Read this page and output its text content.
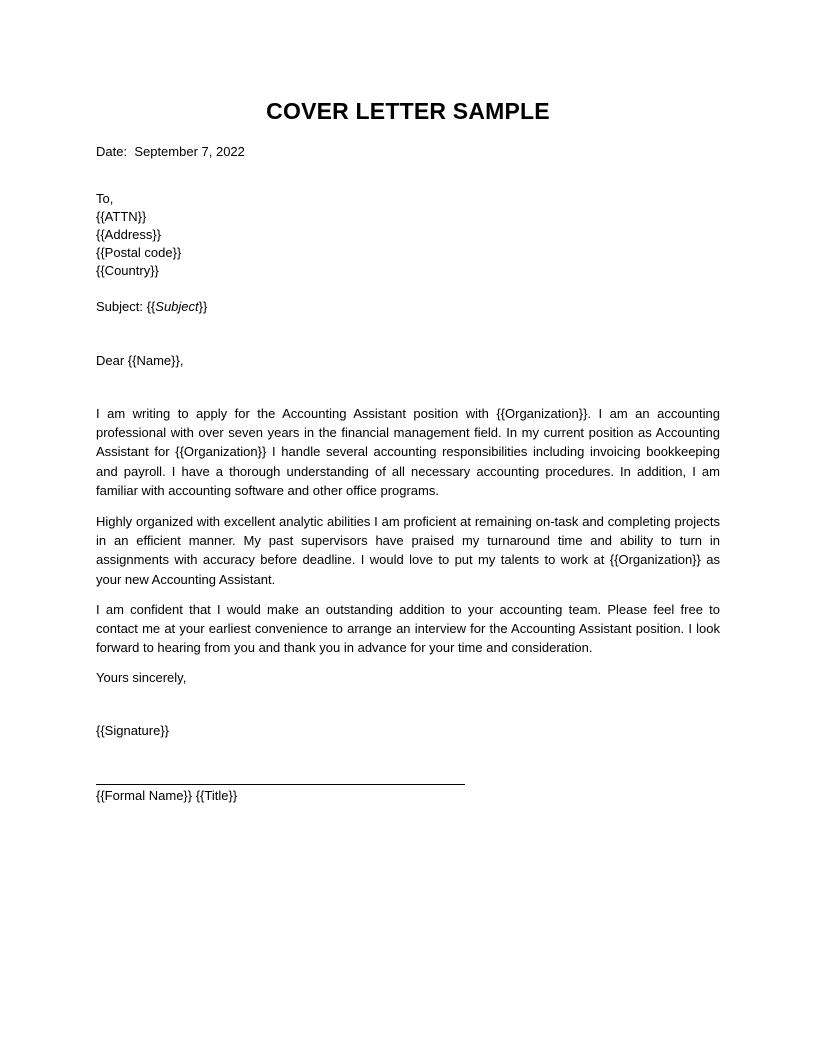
COVER LETTER SAMPLE
Date: September 7, 2022
To,
{{ATTN}}
{{Address}}
{{Postal code}}
{{Country}}
Subject: {{Subject}}
Dear {{Name}},

I am writing to apply for the Accounting Assistant position with {{Organization}}. I am an accounting professional with over seven years in the financial management field. In my current position as Accounting Assistant for {{Organization}} I handle several accounting responsibilities including invoicing bookkeeping and payroll. I have a thorough understanding of all necessary accounting procedures. In addition, I am familiar with accounting software and other office programs.

Highly organized with excellent analytic abilities I am proficient at remaining on-task and completing projects in an efficient manner. My past supervisors have praised my turnaround time and ability to turn in assignments with accuracy before deadline. I would love to put my talents to work at {{Organization}} as your new Accounting Assistant.

I am confident that I would make an outstanding addition to your accounting team. Please feel free to contact me at your earliest convenience to arrange an interview for the Accounting Assistant position. I look forward to hearing from you and thank you in advance for your time and consideration.

Yours sincerely,
{{Signature}}
{{Formal Name}} {{Title}}
